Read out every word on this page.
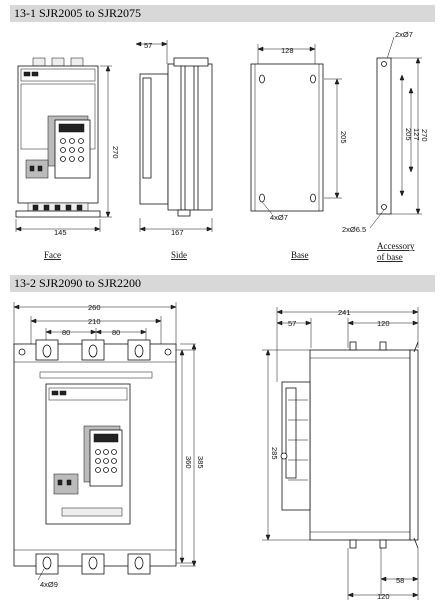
13-1 SJR2005 to SJR2075
13-2 SJR2090 to SJR2200
270
145
Face
57
167
Side
128
205
4xØ7
Base
2xØ7
270
205 127
2xØ6.5
Accessory
of base
260
210
80	80
4xØ9
360 385
241
57	120
285
58
120
